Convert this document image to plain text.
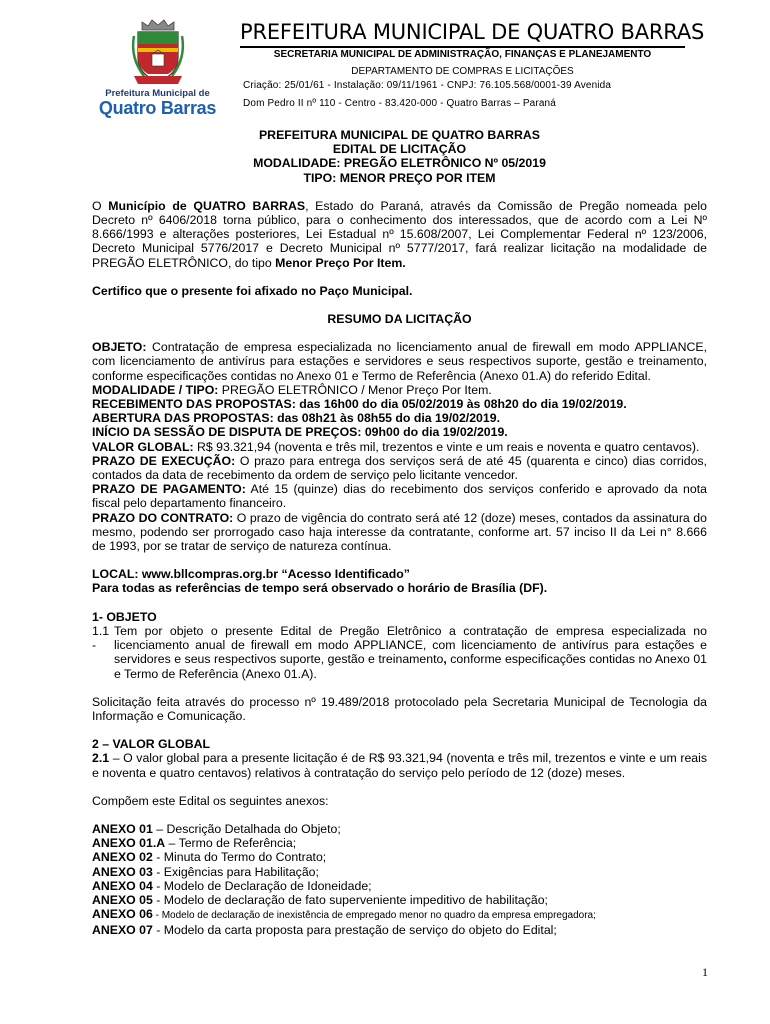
Prefeitura Municipal de
Quatro Barras
PREFEITURA MUNICIPAL DE QUATRO BARRAS
SECRETARIA MUNICIPAL DE ADMINISTRAÇÃO, FINANÇAS E PLANEJAMENTO
DEPARTAMENTO DE COMPRAS E LICITAÇÕES
Criação: 25/01/61 - Instalação: 09/11/1961 - CNPJ: 76.105.568/0001-39 Avenida
Dom Pedro II nº 110 - Centro - 83.420-000 - Quatro Barras – Paraná

PREFEITURA MUNICIPAL DE QUATRO BARRAS

EDITAL DE LICITAÇÃO

MODALIDADE: PREGÃO ELETRÔNICO Nº 05/2019

TIPO: MENOR PREÇO POR ITEM

O Município de QUATRO BARRAS, Estado do Paraná, através da Comissão de Pregão nomeada pelo Decreto nº 6406/2018 torna público, para o conhecimento dos interessados, que de acordo com a Lei Nº 8.666/1993 e alterações posteriores, Lei Estadual nº 15.608/2007, Lei Complementar Federal nº 123/2006, Decreto Municipal 5776/2017 e Decreto Municipal nº 5777/2017, fará realizar licitação na modalidade de PREGÃO ELETRÔNICO, do tipo Menor Preço Por Item.

Certifico que o presente foi afixado no Paço Municipal.

RESUMO DA LICITAÇÃO

OBJETO: Contratação de empresa especializada no licenciamento anual de firewall em modo APPLIANCE, com licenciamento de antivírus para estações e servidores e seus respectivos suporte, gestão e treinamento, conforme especificações contidas no Anexo 01 e Termo de Referência (Anexo 01.A) do referido Edital.

MODALIDADE / TIPO: PREGÃO ELETRÔNICO / Menor Preço Por Item.

RECEBIMENTO DAS PROPOSTAS: das 16h00 do dia 05/02/2019 às 08h20 do dia 19/02/2019.

ABERTURA DAS PROPOSTAS: das 08h21 às 08h55 do dia 19/02/2019.

INÍCIO DA SESSÃO DE DISPUTA DE PREÇOS: 09h00 do dia 19/02/2019.

VALOR GLOBAL: R$ 93.321,94 (noventa e três mil, trezentos e vinte e um reais e noventa e quatro centavos).

PRAZO DE EXECUÇÃO: O prazo para entrega dos serviços será de até 45 (quarenta e cinco) dias corridos, contados da data de recebimento da ordem de serviço pelo licitante vencedor.

PRAZO DE PAGAMENTO: Até 15 (quinze) dias do recebimento dos serviços conferido e aprovado da nota fiscal pelo departamento financeiro.

PRAZO DO CONTRATO: O prazo de vigência do contrato será até 12 (doze) meses, contados da assinatura do mesmo, podendo ser prorrogado caso haja interesse da contratante, conforme art. 57 inciso II da Lei n° 8.666 de 1993, por se tratar de serviço de natureza contínua.

LOCAL: www.bllcompras.org.br “Acesso Identificado”

Para todas as referências de tempo será observado o horário de Brasília (DF).

1- OBJETO

1.1 -
Tem por objeto o presente Edital de Pregão Eletrônico a contratação de empresa especializada no licenciamento anual de firewall em modo APPLIANCE, com licenciamento de antivírus para estações e servidores e seus respectivos suporte, gestão e treinamento, conforme especificações contidas no Anexo 01 e Termo de Referência (Anexo 01.A).

Solicitação feita através do processo nº 19.489/2018 protocolado pela Secretaria Municipal de Tecnologia da Informação e Comunicação.

2 – VALOR GLOBAL

2.1 – O valor global para a presente licitação é de R$ 93.321,94 (noventa e três mil, trezentos e vinte e um reais e noventa e quatro centavos) relativos à contratação do serviço pelo período de 12 (doze) meses.

Compõem este Edital os seguintes anexos:

ANEXO 01 – Descrição Detalhada do Objeto;

ANEXO 01.A – Termo de Referência;

ANEXO 02 - Minuta do Termo do Contrato;

ANEXO 03 - Exigências para Habilitação;

ANEXO 04 - Modelo de Declaração de Idoneidade;

ANEXO 05 - Modelo de declaração de fato superveniente impeditivo de habilitação;

ANEXO 06 - Modelo de declaração de inexistência de empregado menor no quadro da empresa empregadora;

ANEXO 07 - Modelo da carta proposta para prestação de serviço do objeto do Edital;

1
